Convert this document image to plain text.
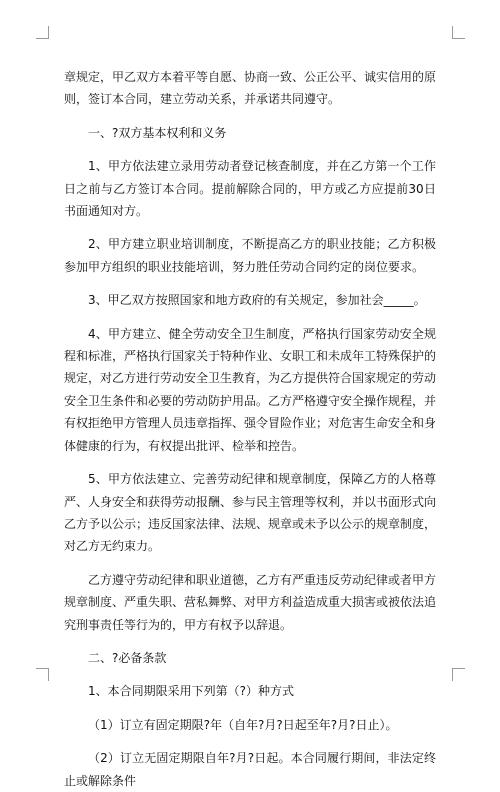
章规定，甲乙双方本着平等自愿、协商一致、公正公平、诚实信用的原则，签订本合同，建立劳动关系，并承诺共同遵守。

一、?双方基本权利和义务

1、甲方依法建立录用劳动者登记核查制度，并在乙方第一个工作日之前与乙方签订本合同。提前解除合同的，甲方或乙方应提前30日书面通知对方。

2、甲方建立职业培训制度，不断提高乙方的职业技能；乙方积极参加甲方组织的职业技能培训，努力胜任劳动合同约定的岗位要求。

3、甲乙双方按照国家和地方政府的有关规定，参加社会_____。

4、甲方建立、健全劳动安全卫生制度，严格执行国家劳动安全规程和标准，严格执行国家关于特种作业、女职工和未成年工特殊保护的规定，对乙方进行劳动安全卫生教育，为乙方提供符合国家规定的劳动安全卫生条件和必要的劳动防护用品。乙方严格遵守安全操作规程，并有权拒绝甲方管理人员违章指挥、强令冒险作业；对危害生命安全和身体健康的行为，有权提出批评、检举和控告。

5、甲方依法建立、完善劳动纪律和规章制度，保障乙方的人格尊严、人身安全和获得劳动报酬、参与民主管理等权利，并以书面形式向乙方予以公示；违反国家法律、法规、规章或未予以公示的规章制度，对乙方无约束力。

乙方遵守劳动纪律和职业道德，乙方有严重违反劳动纪律或者甲方规章制度、严重失职、营私舞弊、对甲方利益造成重大损害或被依法追究刑事责任等行为的，甲方有权予以辞退。

二、?必备条款

1、本合同期限采用下列第（?）种方式

（1）订立有固定期限?年（自年?月?日起至年?月?日止）。

（2）订立无固定期限自年?月?日起。本合同履行期间，非法定终止或解除条件
